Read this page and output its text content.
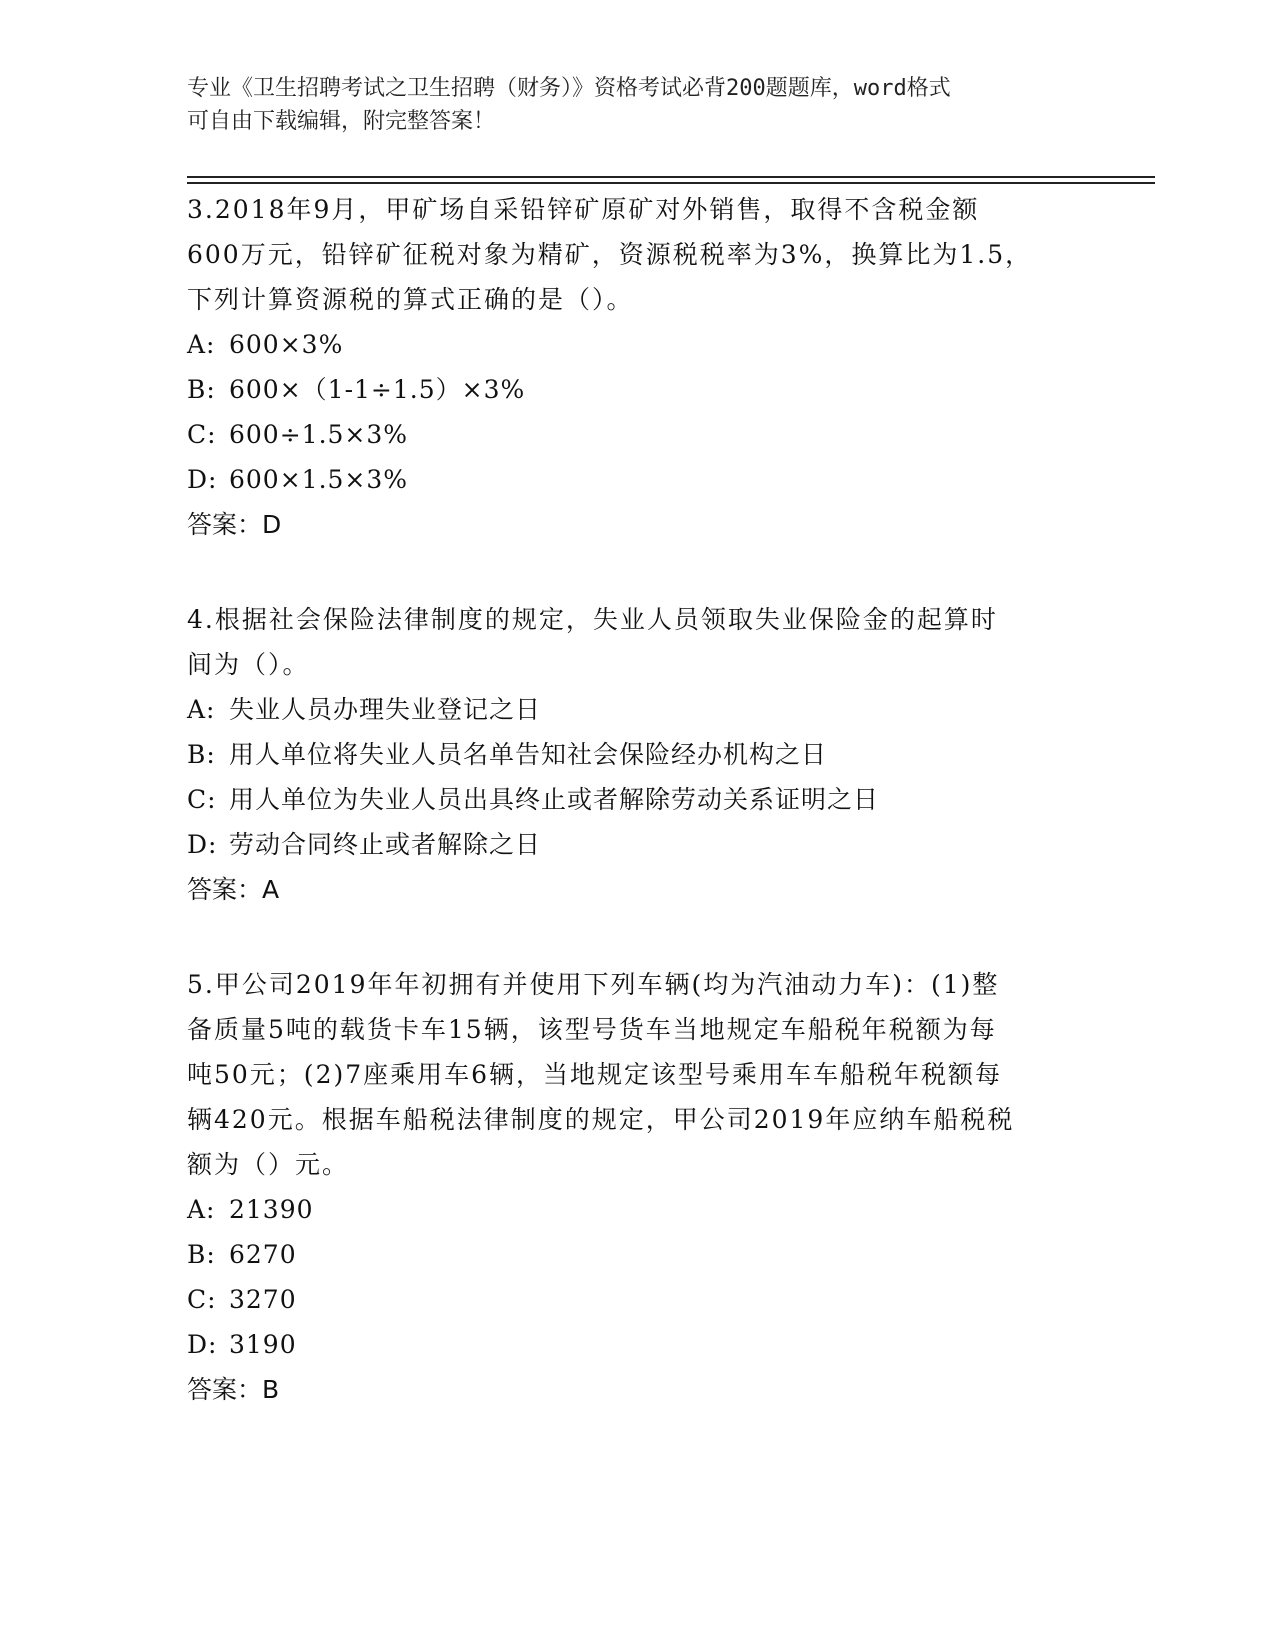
专业《卫生招聘考试之卫生招聘（财务）》资格考试必背200题题库，word格式
可自由下载编辑，附完整答案！

3.2018年9月，甲矿场自采铅锌矿原矿对外销售，取得不含税金额

600万元，铅锌矿征税对象为精矿，资源税税率为3%，换算比为1.5，

下列计算资源税的算式正确的是（）。

A: 600×3%

B: 600×（1-1÷1.5）×3%

C: 600÷1.5×3%

D: 600×1.5×3%

答案：D

4.根据社会保险法律制度的规定，失业人员领取失业保险金的起算时

间为（）。

A: 失业人员办理失业登记之日

B: 用人单位将失业人员名单告知社会保险经办机构之日

C: 用人单位为失业人员出具终止或者解除劳动关系证明之日

D: 劳动合同终止或者解除之日

答案：A

5.甲公司2019年年初拥有并使用下列车辆(均为汽油动力车)：(1)整

备质量5吨的载货卡车15辆，该型号货车当地规定车船税年税额为每

吨50元；(2)7座乘用车6辆，当地规定该型号乘用车车船税年税额每

辆420元。根据车船税法律制度的规定，甲公司2019年应纳车船税税

额为（）元。

A: 21390

B: 6270

C: 3270

D: 3190

答案：B
